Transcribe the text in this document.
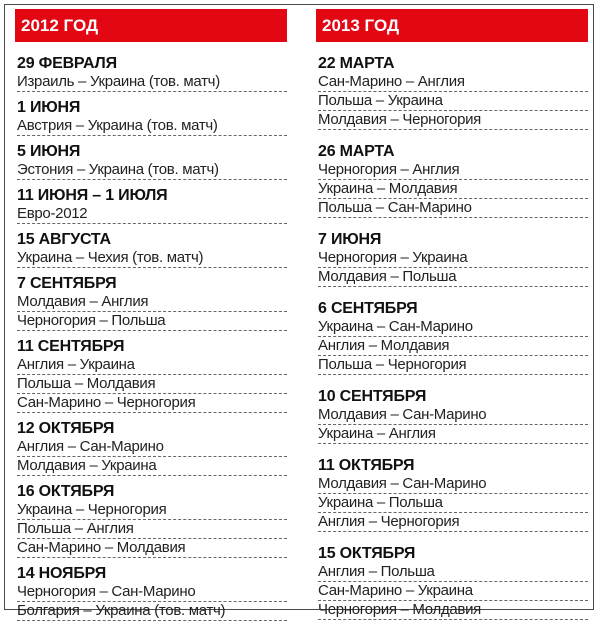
2012 ГОД
29 ФЕВРАЛЯ
Израиль – Украина (тов. матч)
1 ИЮНЯ
Австрия – Украина (тов. матч)
5 ИЮНЯ
Эстония – Украина (тов. матч)
11 ИЮНЯ – 1 ИЮЛЯ
Евро-2012
15 АВГУСТА
Украина – Чехия (тов. матч)
7 СЕНТЯБРЯ
Молдавия – Англия
Черногория – Польша
11 СЕНТЯБРЯ
Англия – Украина
Польша – Молдавия
Сан-Марино – Черногория
12 ОКТЯБРЯ
Англия – Сан-Марино
Молдавия – Украина
16 ОКТЯБРЯ
Украина – Черногория
Польша – Англия
Сан-Марино – Молдавия
14 НОЯБРЯ
Черногория – Сан-Марино
Болгария – Украина (тов. матч)
2013 ГОД
22 МАРТА
Сан-Марино – Англия
Польша – Украина
Молдавия – Черногория
26 МАРТА
Черногория – Англия
Украина – Молдавия
Польша – Сан-Марино
7 ИЮНЯ
Черногория – Украина
Молдавия – Польша
6 СЕНТЯБРЯ
Украина – Сан-Марино
Англия – Молдавия
Польша – Черногория
10 СЕНТЯБРЯ
Молдавия – Сан-Марино
Украина – Англия
11 ОКТЯБРЯ
Молдавия – Сан-Марино
Украина – Польша
Англия – Черногория
15 ОКТЯБРЯ
Англия – Польша
Сан-Марино – Украина
Черногория – Молдавия
